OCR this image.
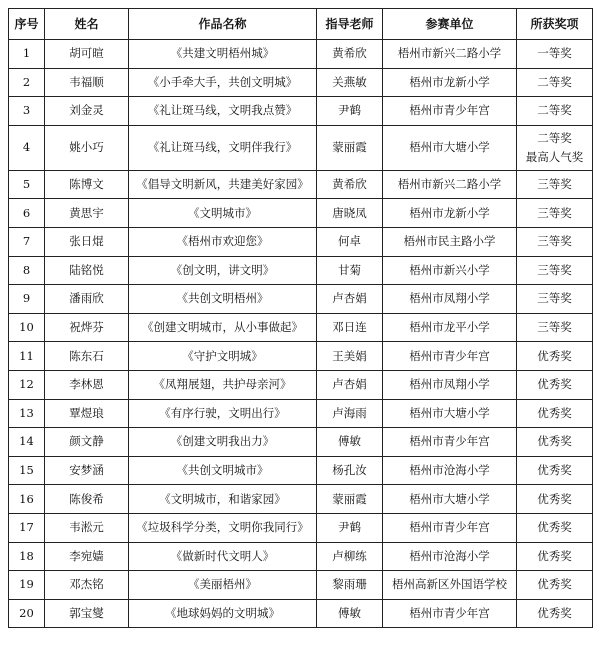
序号	姓名	作品名称	指导老师	参赛单位	所获奖项
1	胡可暄	《共建文明梧州城》	黄希欣	梧州市新兴二路小学	一等奖

2	韦福顺	《小手牵大手，共创文明城》	关燕敏	梧州市龙新小学	二等奖

3	刘金灵	《礼让斑马线，文明我点赞》	尹鹤	梧州市青少年宫	二等奖

4	姚小巧	《礼让斑马线，文明伴我行》	蒙丽霞	梧州市大塘小学	二等奖
最高人气奖

5	陈博文	《倡导文明新风，共建美好家园》	黄希欣	梧州市新兴二路小学	三等奖

6	黄思宇	《文明城市》	唐晓凤	梧州市龙新小学	三等奖

7	张日焜	《梧州市欢迎您》	何卓	梧州市民主路小学	三等奖

8	陆铭悦	《创文明，讲文明》	甘菊	梧州市新兴小学	三等奖

9	潘雨欣	《共创文明梧州》	卢杏娟	梧州市凤翔小学	三等奖

10	祝烨芬	《创建文明城市，从小事做起》	邓日连	梧州市龙平小学	三等奖

11	陈东石	《守护文明城》	王美娟	梧州市青少年宫	优秀奖

12	李林恩	《凤翔展翅，共护母亲河》	卢杏娟	梧州市凤翔小学	优秀奖

13	覃煜琅	《有序行驶，文明出行》	卢海雨	梧州市大塘小学	优秀奖

14	颜文静	《创建文明我出力》	傅敏	梧州市青少年宫	优秀奖

15	安梦涵	《共创文明城市》	杨孔汝	梧州市沧海小学	优秀奖

16	陈俊希	《文明城市，和谐家园》	蒙丽霞	梧州市大塘小学	优秀奖

17	韦淞元	《垃圾科学分类，文明你我同行》	尹鹤	梧州市青少年宫	优秀奖

18	李宛嫱	《做新时代文明人》	卢柳练	梧州市沧海小学	优秀奖

19	邓杰铭	《美丽梧州》	黎雨珊	梧州高新区外国语学校	优秀奖

20	郭宝燮	《地球妈妈的文明城》	傅敏	梧州市青少年宫	优秀奖
